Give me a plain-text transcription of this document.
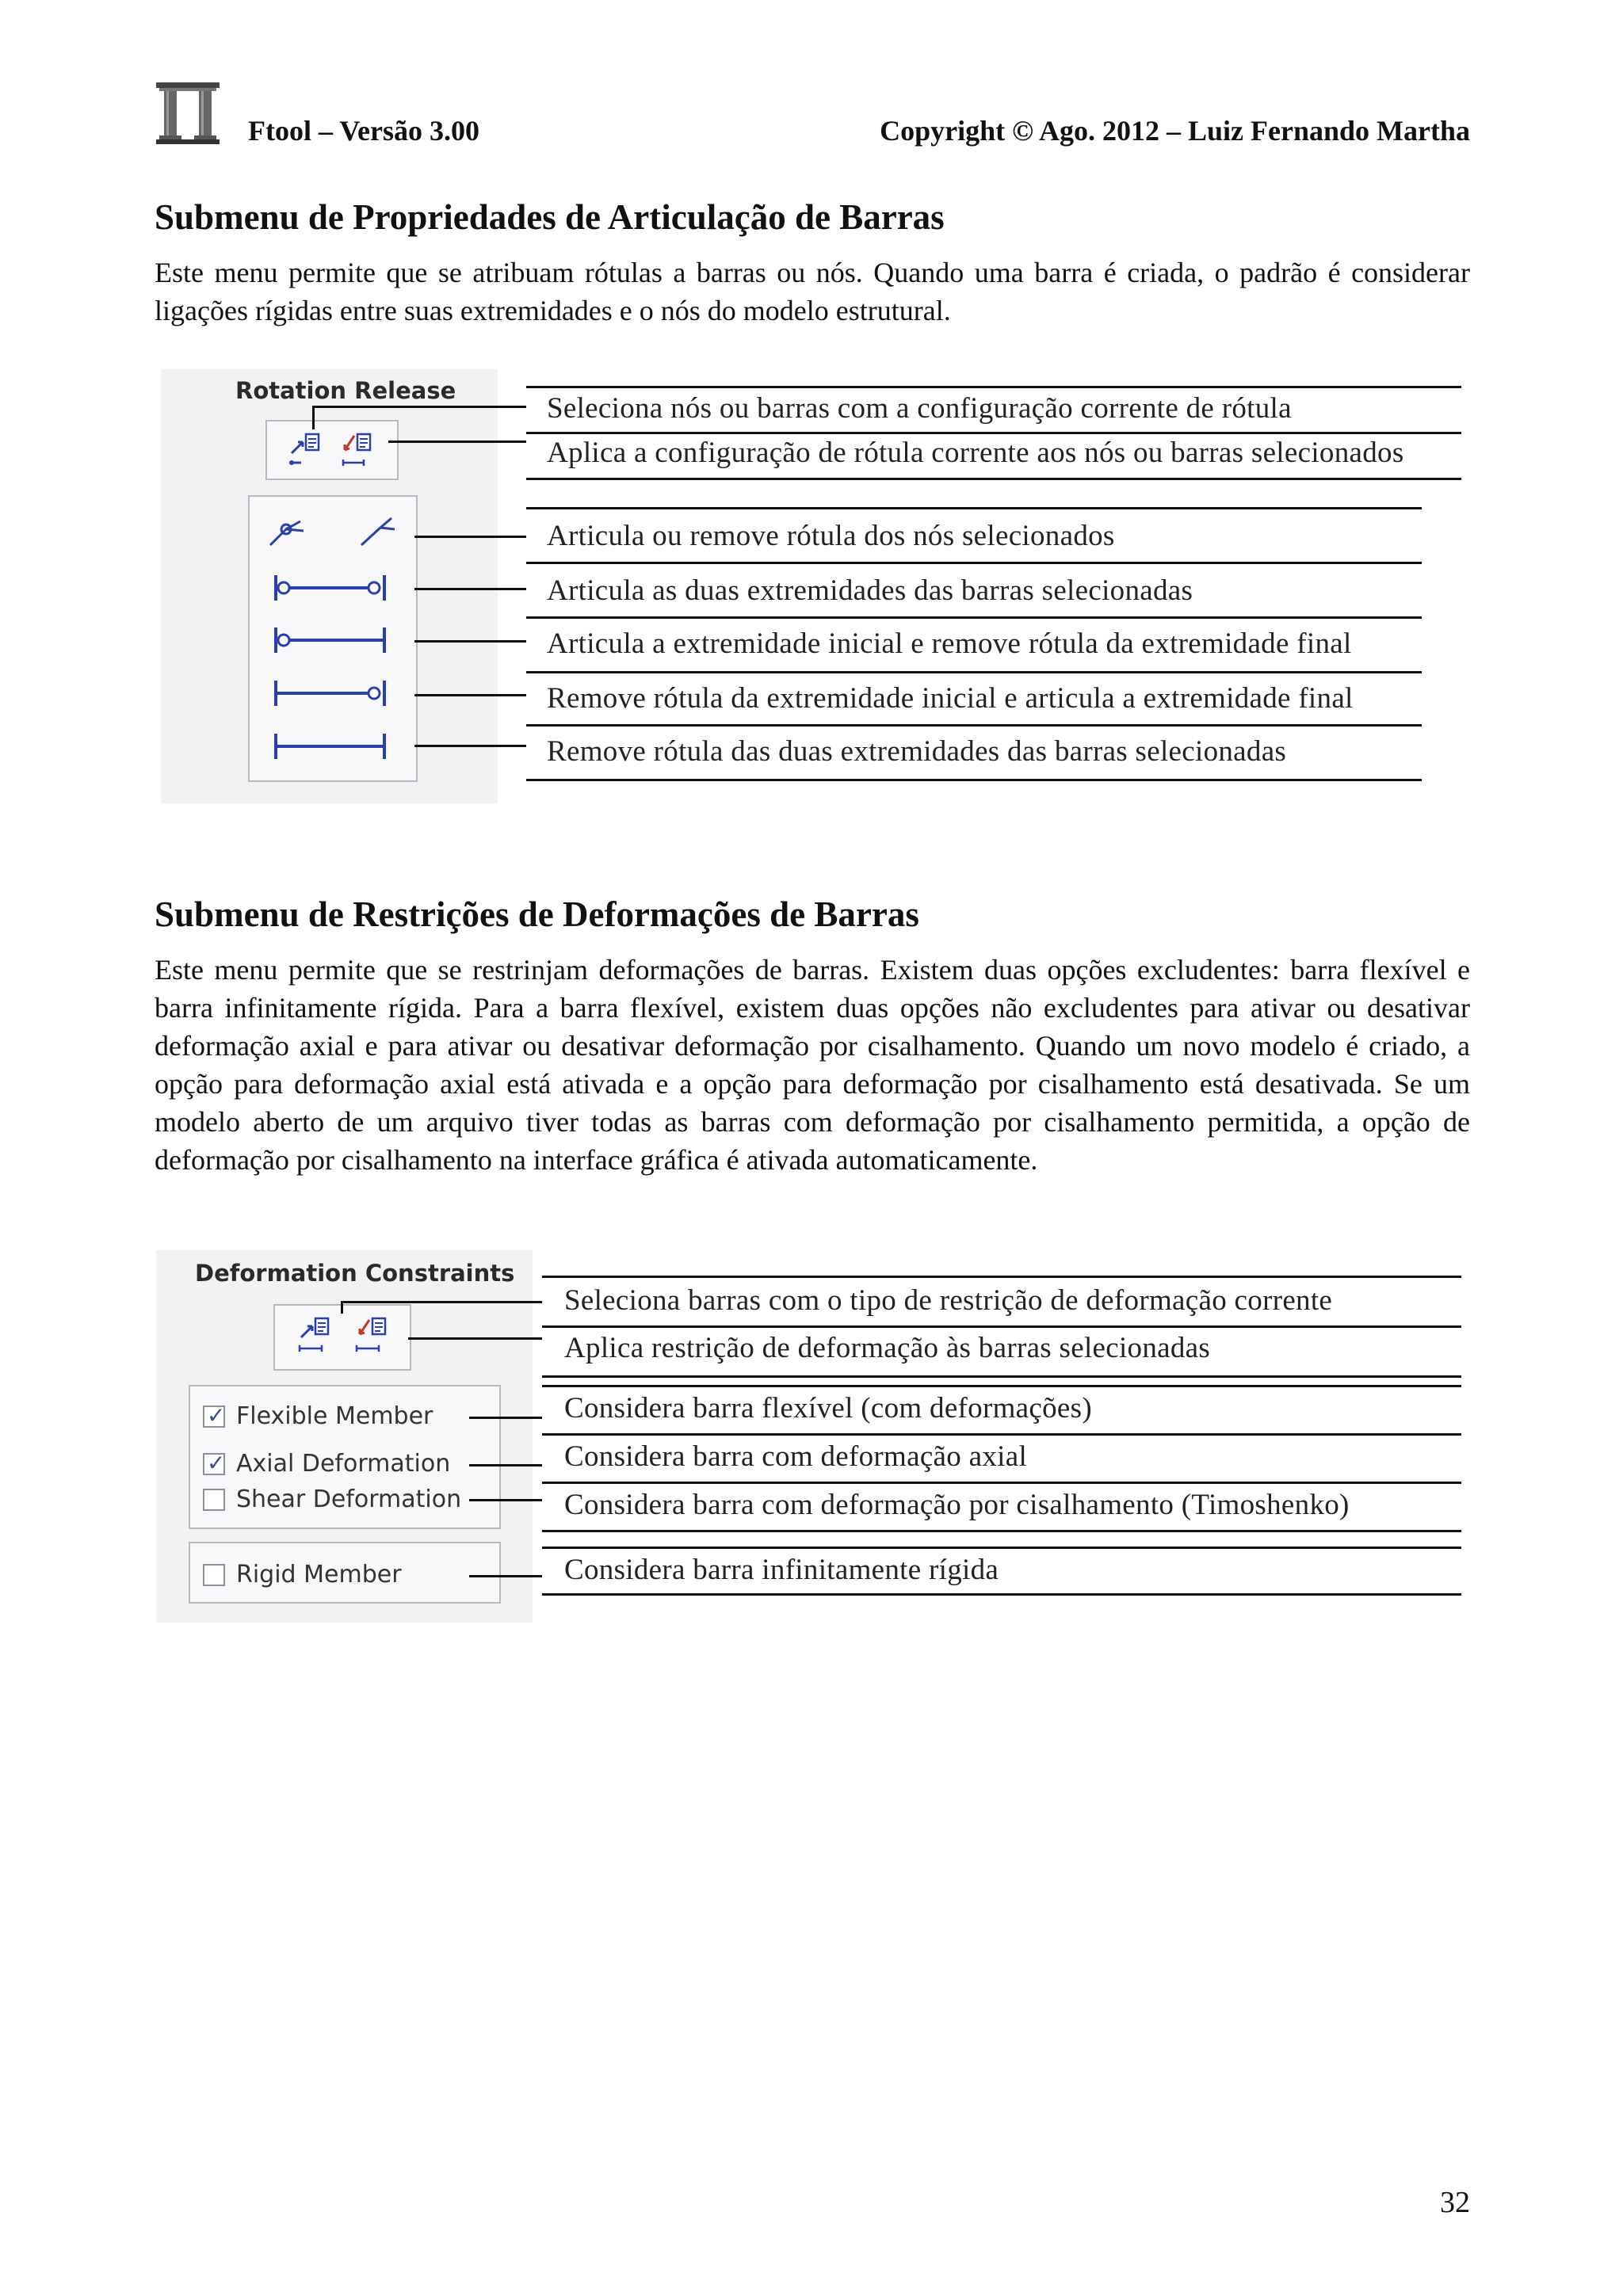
Ftool – Versão 3.00	Copyright © Ago. 2012 – Luiz Fernando Martha
Submenu de Propriedades de Articulação de Barras
Este menu permite que se atribuam rótulas a barras ou nós. Quando uma barra é criada, o padrão é considerar ligações rígidas entre suas extremidades e o nós do modelo estrutural.
Rotation Release
Seleciona nós ou barras com a configuração corrente de rótula
Aplica a configuração de rótula corrente aos nós ou barras selecionados
Articula ou remove rótula dos nós selecionados
Articula as duas extremidades das barras selecionadas
Articula a extremidade inicial e remove rótula da extremidade final
Remove rótula da extremidade inicial e articula a extremidade final
Remove rótula das duas extremidades das barras selecionadas
Submenu de Restrições de Deformações de Barras
Este menu permite que se restrinjam deformações de barras. Existem duas opções excludentes: barra flexível e barra infinitamente rígida. Para a barra flexível, existem duas opções não excludentes para ativar ou desativar deformação axial e para ativar ou desativar deformação por cisalhamento. Quando um novo modelo é criado, a opção para deformação axial está ativada e a opção para deformação por cisalhamento está desativada. Se um modelo aberto de um arquivo tiver todas as barras com deformação por cisalhamento permitida, a opção de deformação por cisalhamento na interface gráfica é ativada automaticamente.
Deformation Constraints
✓
Flexible Member
✓
Axial Deformation
Shear Deformation
Rigid Member
Seleciona barras com o tipo de restrição de deformação corrente
Aplica restrição de deformação às barras selecionadas
Considera barra flexível (com deformações)
Considera barra com deformação axial
Considera barra com deformação por cisalhamento (Timoshenko)
Considera barra infinitamente rígida
32
